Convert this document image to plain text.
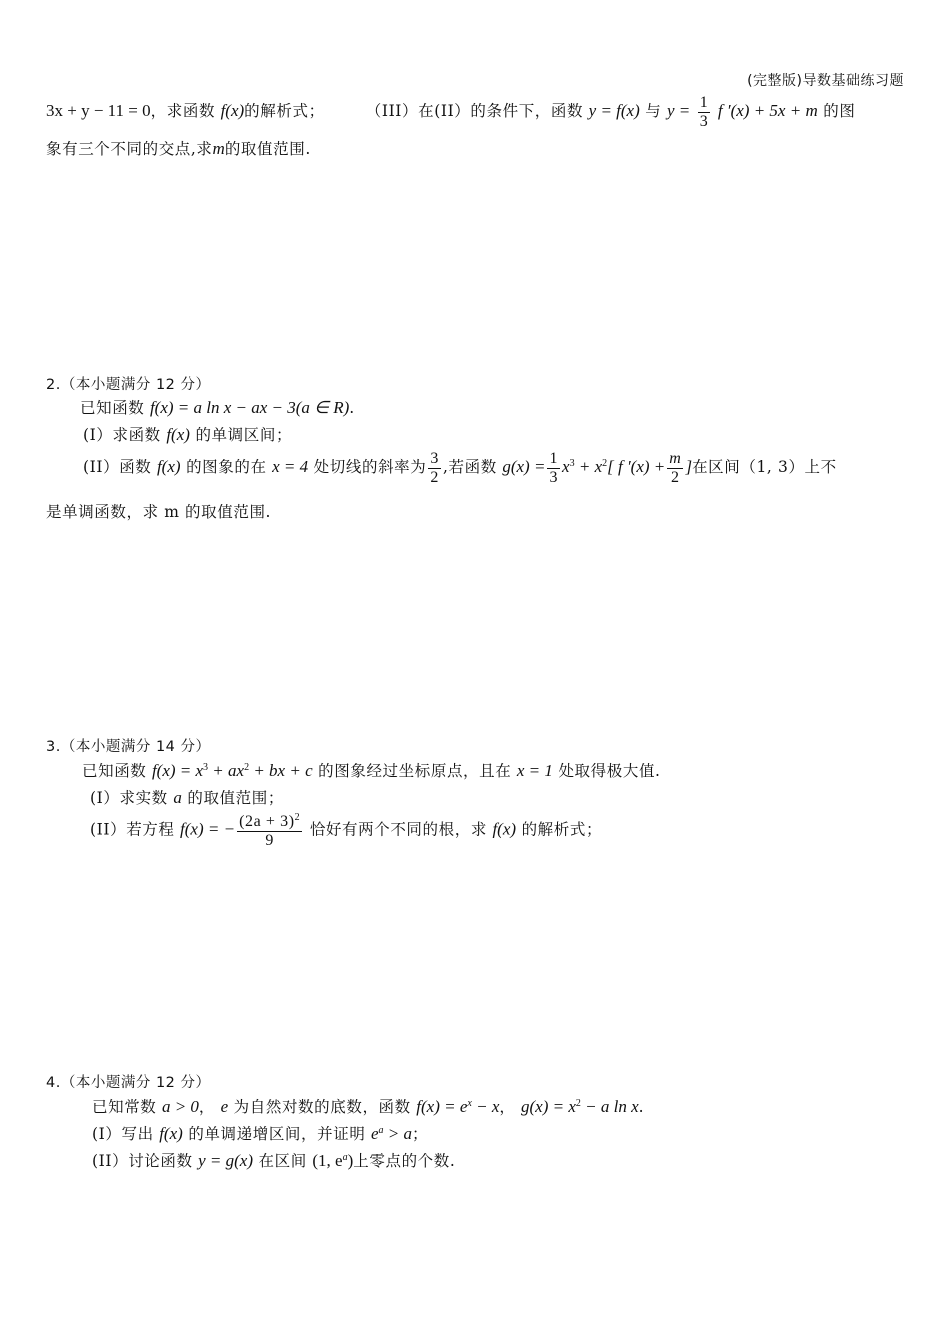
(完整版)导数基础练习题
3x + y − 11 = 0，求函数 f(x)的解析式；	（III）在(II）的条件下，函数 y = f(x) 与 $y = \frac{1}{3}$ f ′(x) + 5x + m 的图
象有三个不同的交点,求m的取值范围.
2.（本小题满分 12 分）
已知函数 f(x) = a ln x − ax − 3(a ∈ R).
(I）求函数 f(x) 的单调区间；
(II）函数 f(x) 的图象的在 x = 4 处切线的斜率为 $\frac{3}{2}$ ,若函数 $g(x) = \frac{1}{3} x^3 + x^2$[ f $'(x) + \frac{m}{2}$ ]在区间（1, 3）上不
是单调函数，求 m 的取值范围.
3.（本小题满分 14 分）
已知函数 $f(x) = x^3 + ax^2$ + bx + c 的图象经过坐标原点，且在 x = 1 处取得极大值.
(I）求实数 a 的取值范围；
(II）若方程 f(x) = − $\frac{(2a + 3)^2}{9}$ 恰好有两个不同的根，求 f(x) 的解析式；
4.（本小题满分 12 分）
已知常数 a > 0， e 为自然对数的底数，函数 $f(x) = e^x - x$， $g(x) = x^2 - a$ ln x.
(I）写出 f(x) 的单调递增区间，并证明 $e^a > a$；
(II）讨论函数 y = g(x) 在区间 (1, $e^a$)上零点的个数.
